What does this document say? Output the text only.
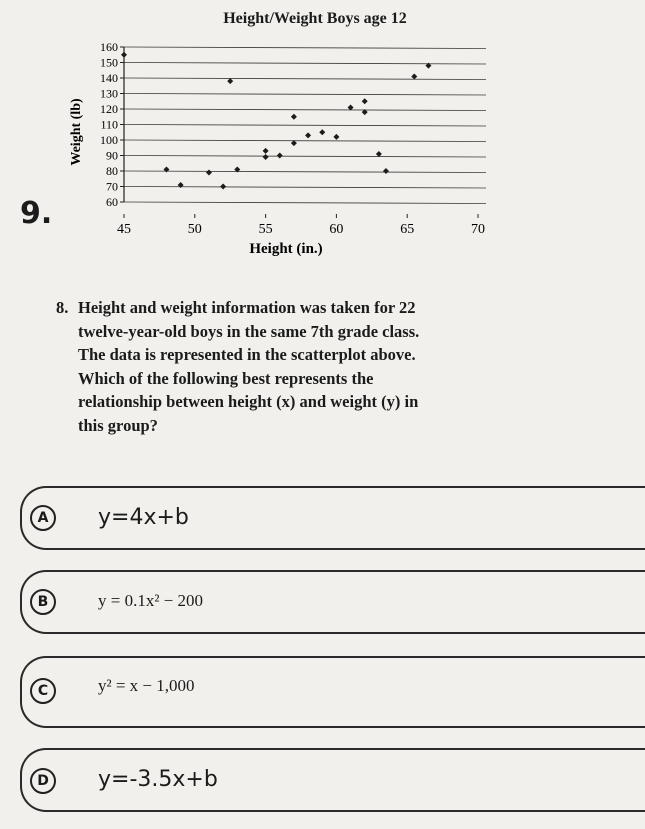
60
70
80
90
100
110
120
130
140
150
160
45	50	55	60	65	70
Weight (lb)
Height (in.)
Height/Weight Boys age 12
9.
8. Height and weight information was taken for 22
twelve-year-old boys in the same 7th grade class.
The data is represented in the scatterplot above.
Which of the following best represents the
relationship between height (x) and weight (y) in
this group?
A	y=4x+b
B	y = 0.1x² − 200
C	y² = x − 1,000
D	y=-3.5x+b
